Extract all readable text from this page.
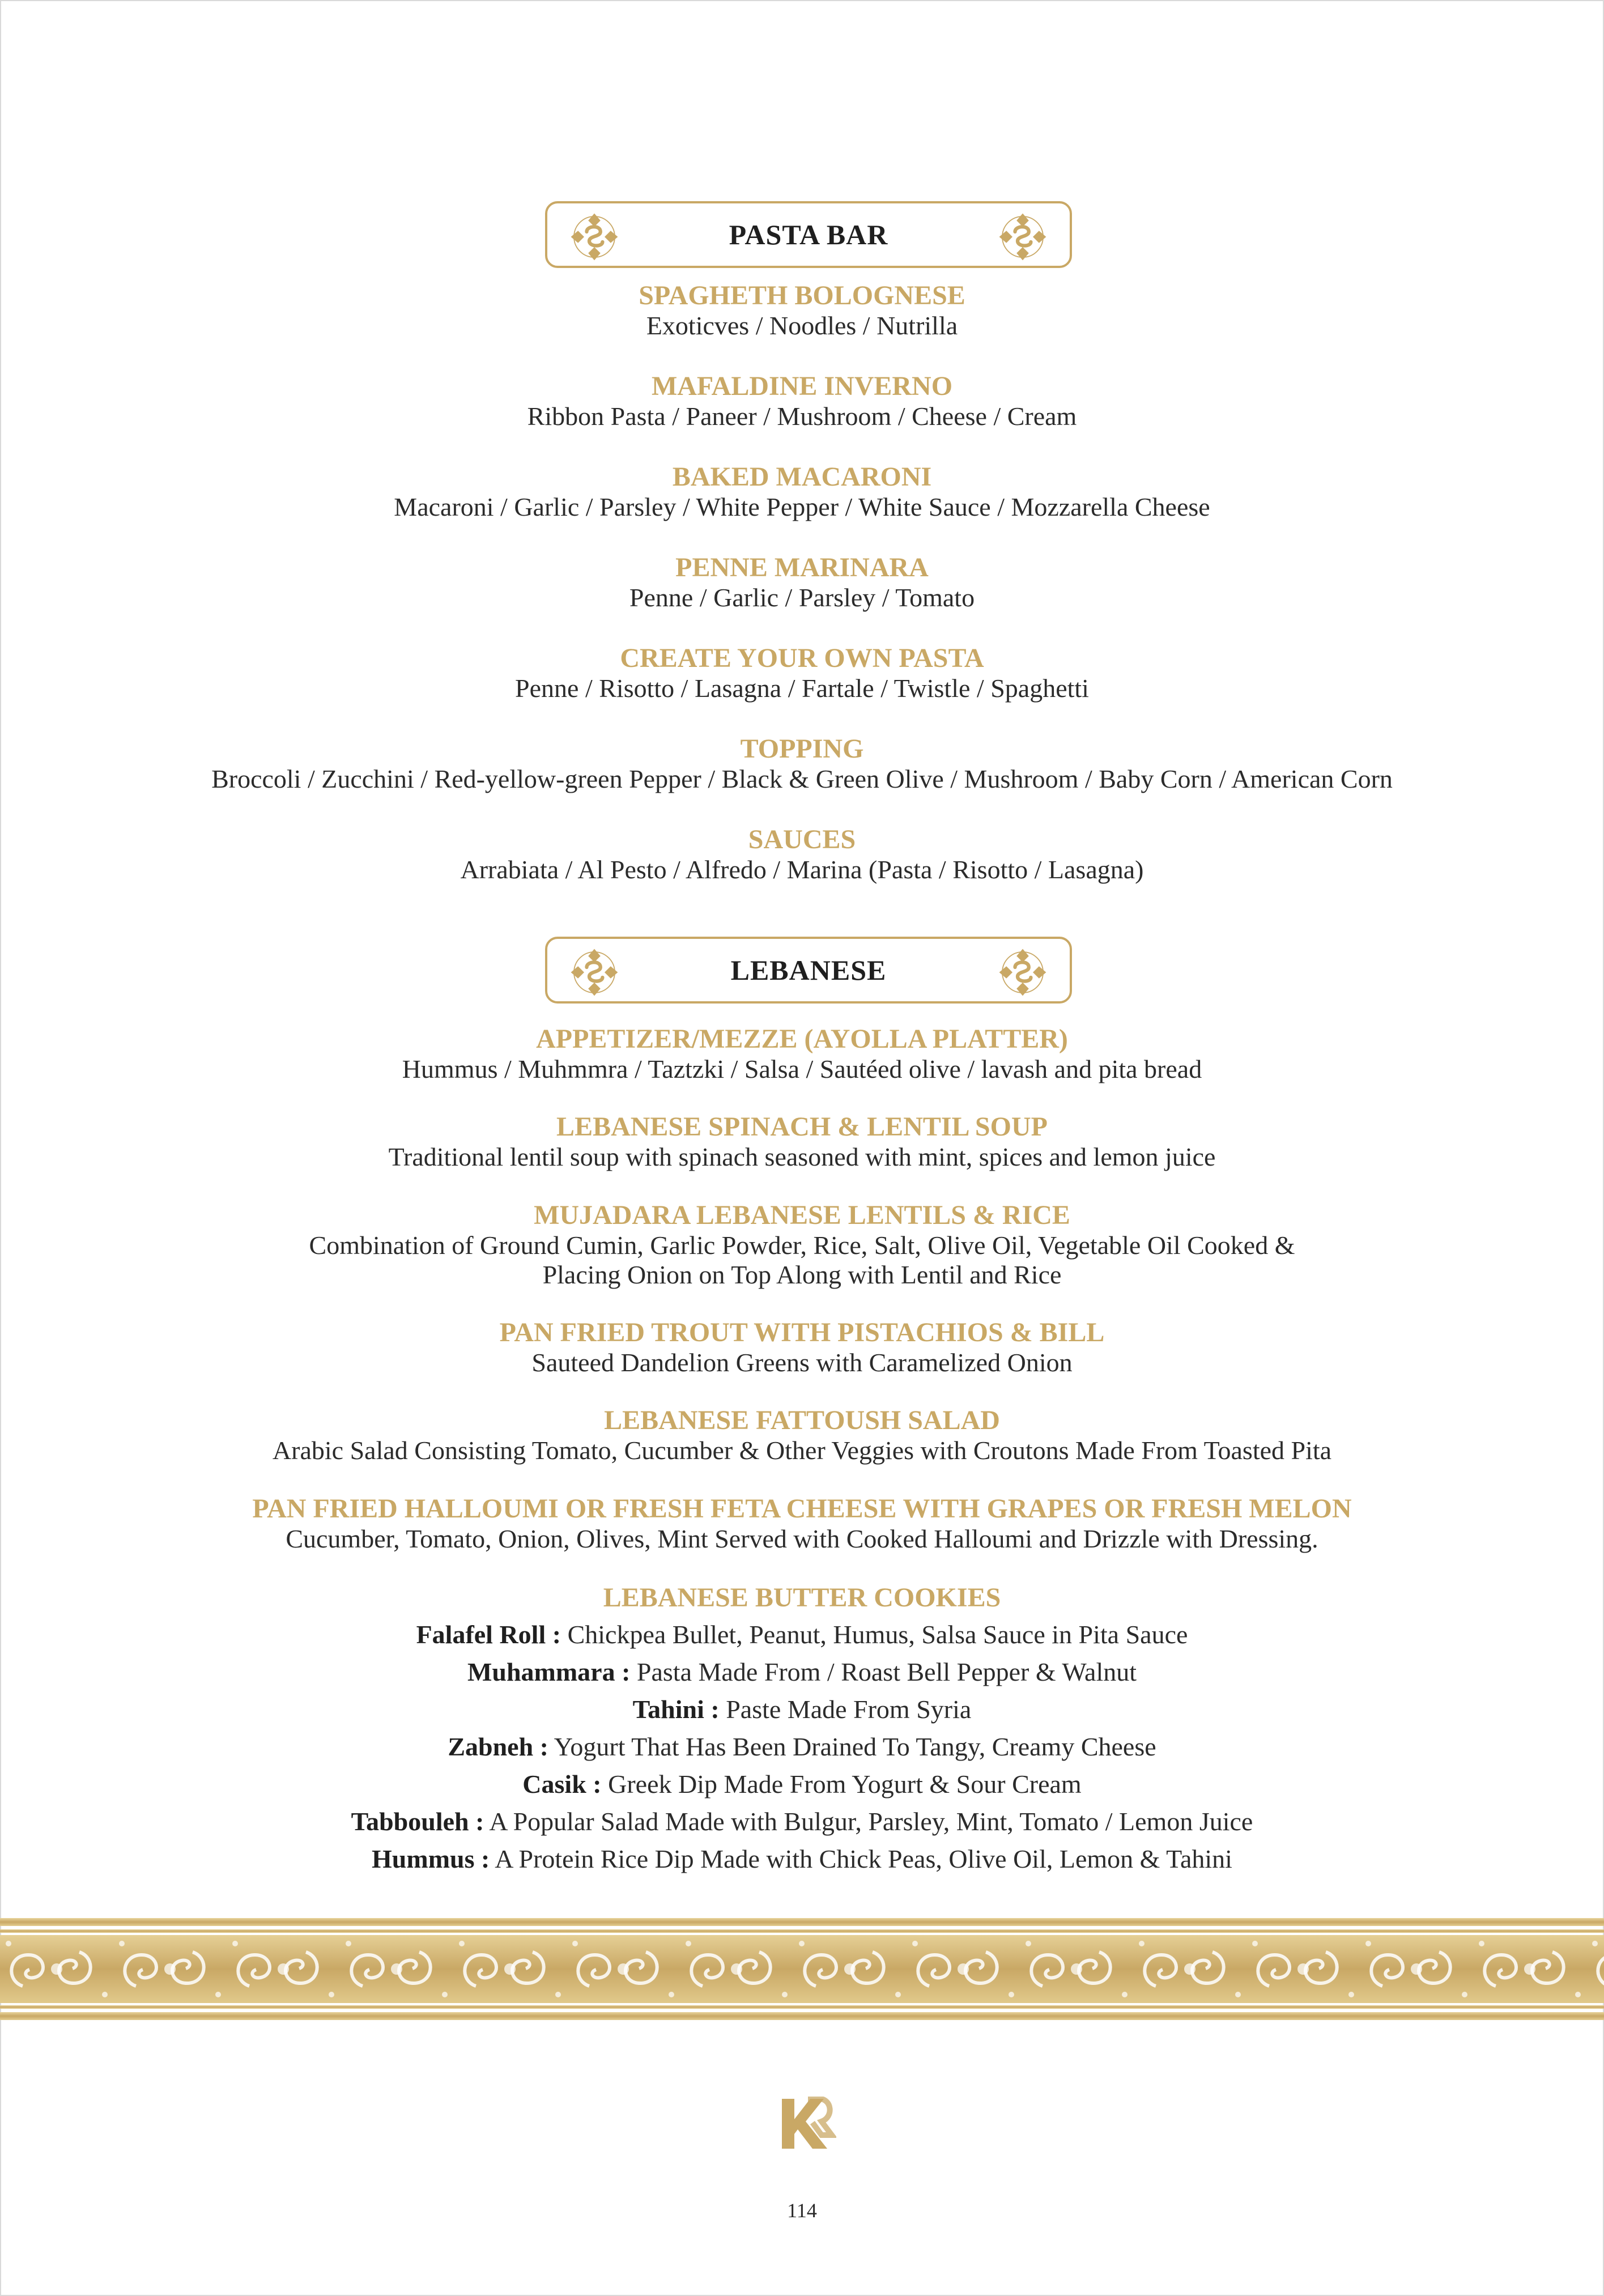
PASTA BAR
SPAGHETH BOLOGNESE
Exoticves / Noodles / Nutrilla
MAFALDINE INVERNO
Ribbon Pasta / Paneer / Mushroom / Cheese / Cream
BAKED MACARONI
Macaroni / Garlic / Parsley / White Pepper / White Sauce / Mozzarella Cheese
PENNE MARINARA
Penne / Garlic / Parsley / Tomato
CREATE YOUR OWN PASTA
Penne / Risotto / Lasagna / Fartale / Twistle / Spaghetti
TOPPING
Broccoli / Zucchini / Red-yellow-green Pepper / Black & Green Olive / Mushroom / Baby Corn / American Corn
SAUCES
Arrabiata / Al Pesto / Alfredo / Marina (Pasta / Risotto / Lasagna)
LEBANESE
APPETIZER/MEZZE (AYOLLA PLATTER)
Hummus / Muhmmra / Taztzki / Salsa / Sautéed olive / lavash and pita bread
LEBANESE SPINACH & LENTIL SOUP
Traditional lentil soup with spinach seasoned with mint, spices and lemon juice
MUJADARA LEBANESE LENTILS & RICE
Combination of Ground Cumin, Garlic Powder, Rice, Salt, Olive Oil, Vegetable Oil Cooked &
Placing Onion on Top Along with Lentil and Rice
PAN FRIED TROUT WITH PISTACHIOS & BILL
Sauteed Dandelion Greens with Caramelized Onion
LEBANESE FATTOUSH SALAD
Arabic Salad Consisting Tomato, Cucumber & Other Veggies with Croutons Made From Toasted Pita
PAN FRIED HALLOUMI OR FRESH FETA CHEESE WITH GRAPES OR FRESH MELON
Cucumber, Tomato, Onion, Olives, Mint Served with Cooked Halloumi and Drizzle with Dressing.
LEBANESE BUTTER COOKIES
Falafel Roll : Chickpea Bullet, Peanut, Humus, Salsa Sauce in Pita Sauce
Muhammara : Pasta Made From / Roast Bell Pepper & Walnut
Tahini : Paste Made From Syria
Zabneh : Yogurt That Has Been Drained To Tangy, Creamy Cheese
Casik : Greek Dip Made From Yogurt & Sour Cream
Tabbouleh : A Popular Salad Made with Bulgur, Parsley, Mint, Tomato / Lemon Juice
Hummus : A Protein Rice Dip Made with Chick Peas, Olive Oil, Lemon & Tahini
114
